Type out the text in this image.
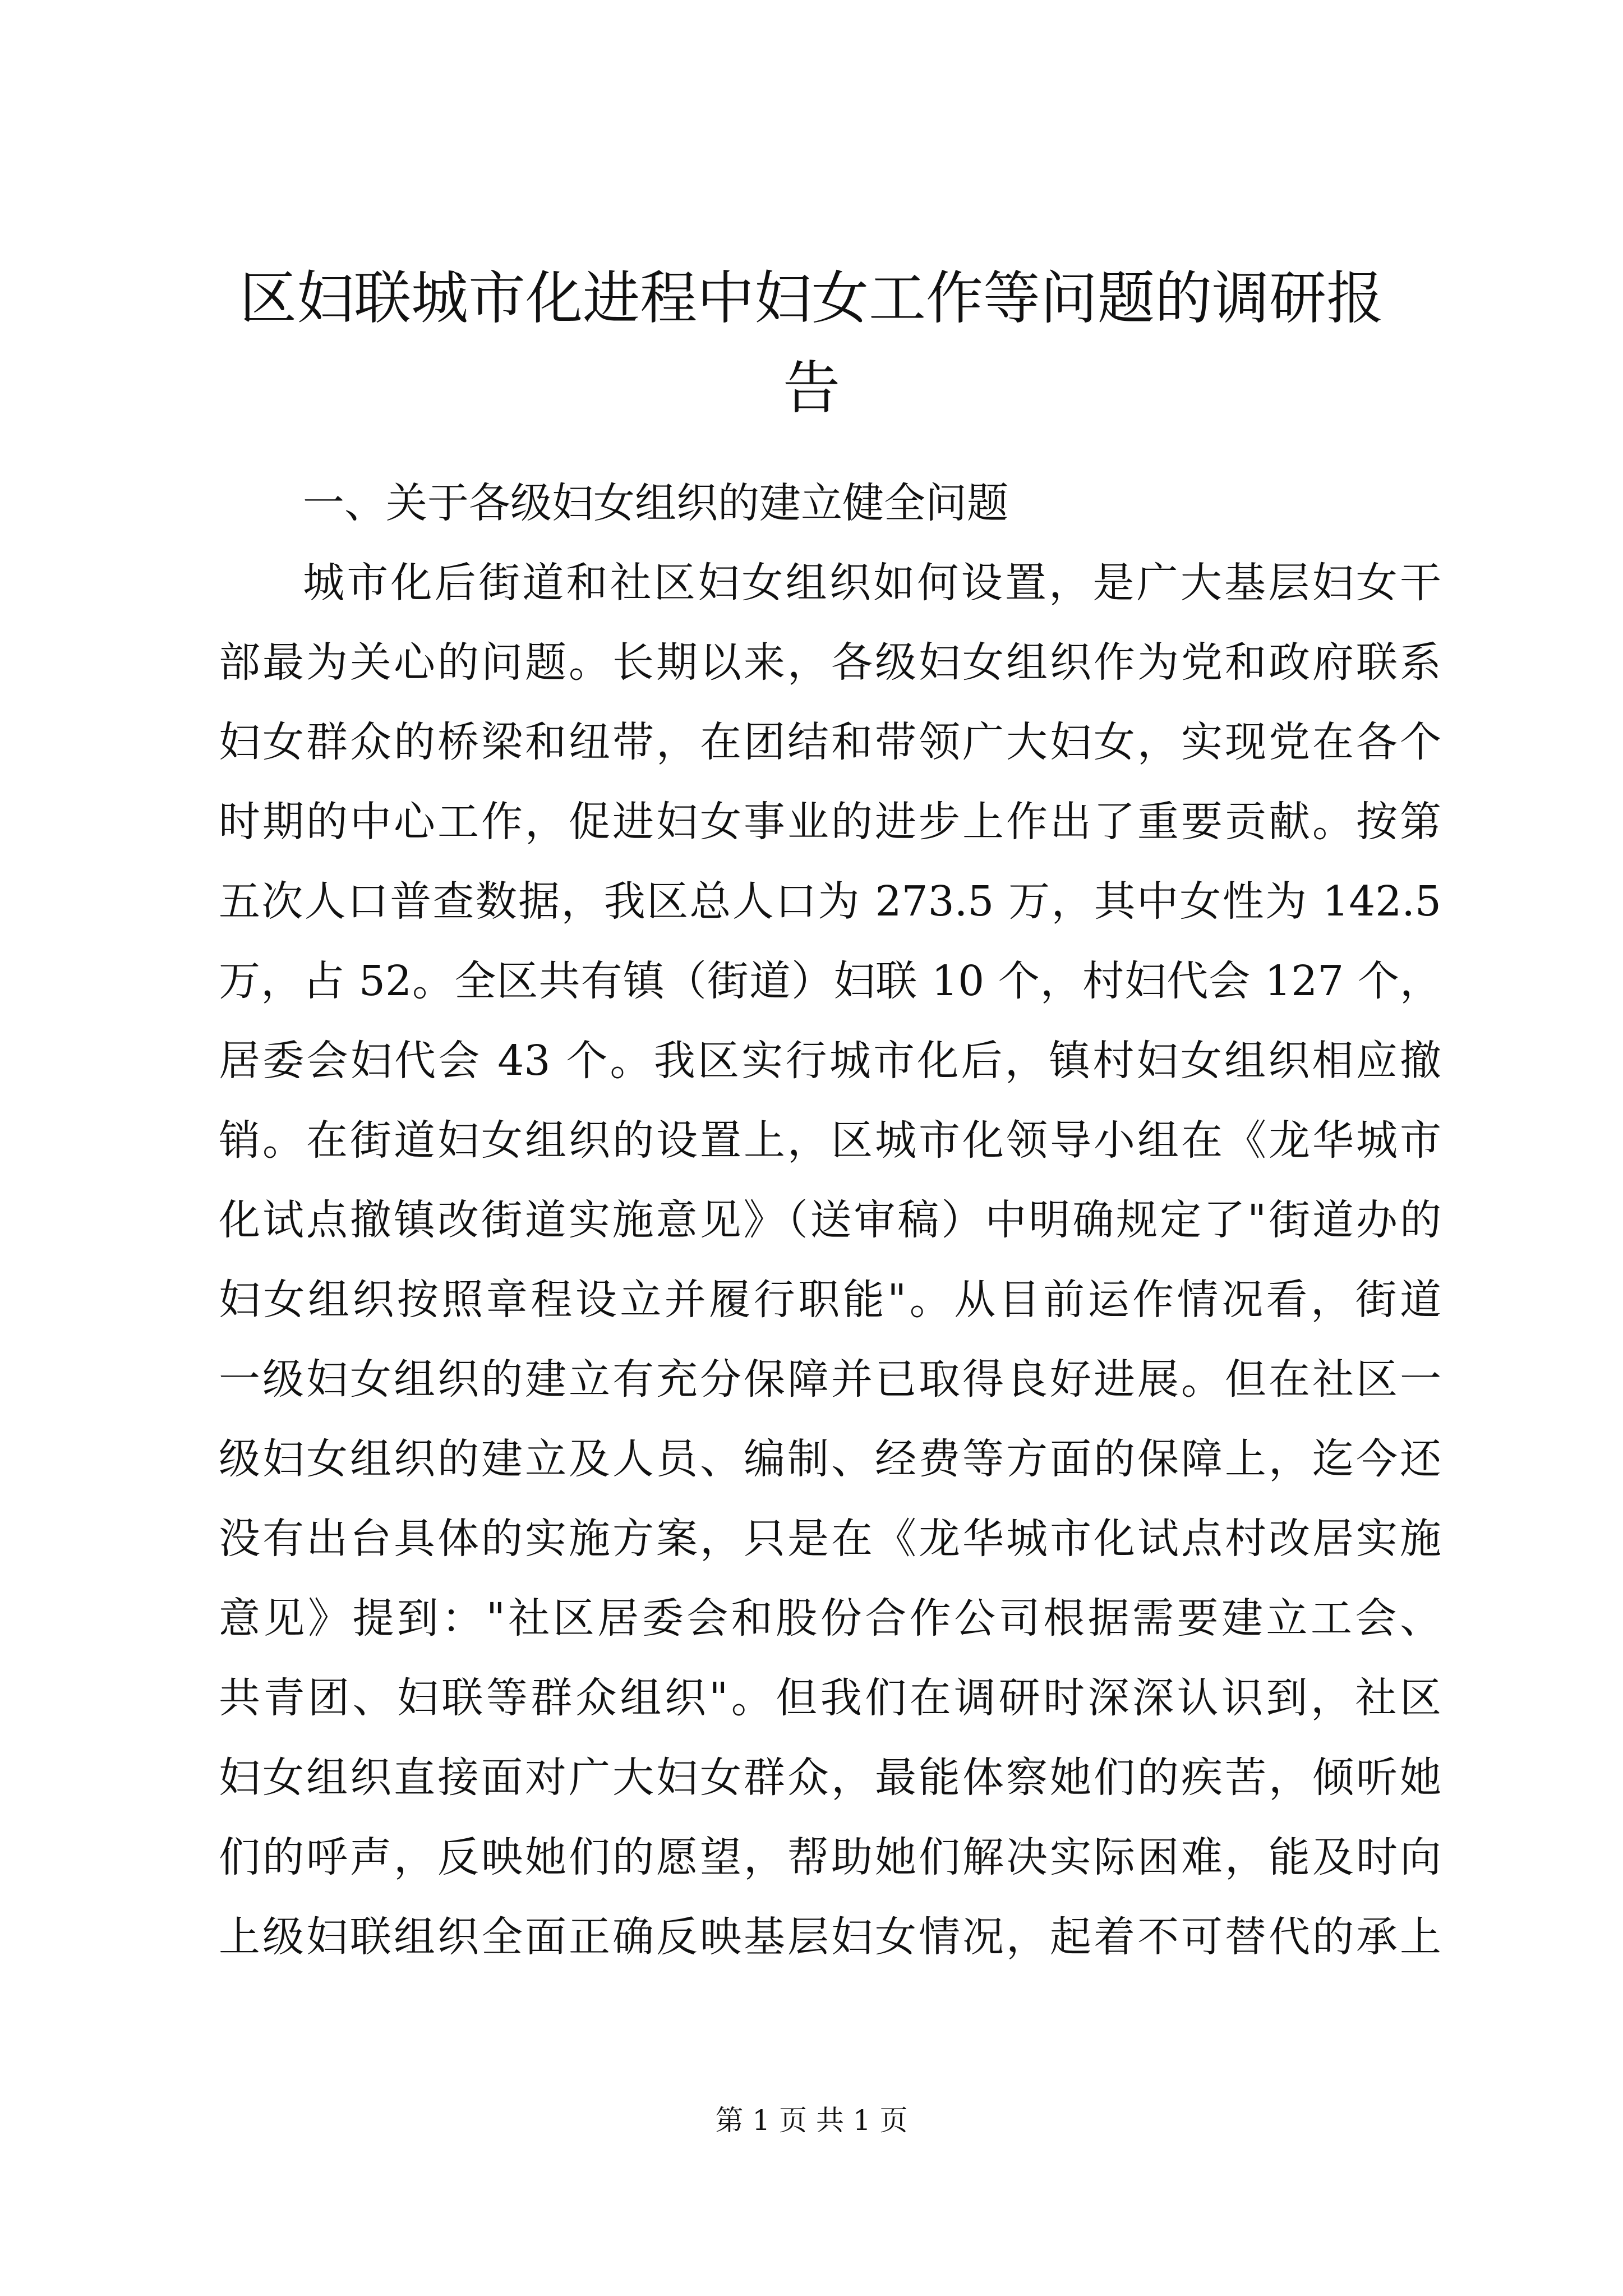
区妇联城市化进程中妇女工作等问题的调研报
告
一、关于各级妇女组织的建立健全问题
城市化后街道和社区妇女组织如何设置，是广大基层妇女干
部最为关心的问题。长期以来，各级妇女组织作为党和政府联系
妇女群众的桥梁和纽带，在团结和带领广大妇女，实现党在各个
时期的中心工作，促进妇女事业的进步上作出了重要贡献。按第
五次人口普查数据，我区总人口为 273.5 万，其中女性为 142.5
万，占 52。全区共有镇（街道）妇联 10 个，村妇代会 127 个，
居委会妇代会 43 个。我区实行城市化后，镇村妇女组织相应撤
销。在街道妇女组织的设置上，区城市化领导小组在《龙华城市
化试点撤镇改街道实施意见》（送审稿）中明确规定了"街道办的
妇女组织按照章程设立并履行职能"。从目前运作情况看，街道
一级妇女组织的建立有充分保障并已取得良好进展。但在社区一
级妇女组织的建立及人员、编制、经费等方面的保障上，迄今还
没有出台具体的实施方案，只是在《龙华城市化试点村改居实施
意见》提到："社区居委会和股份合作公司根据需要建立工会、
共青团、妇联等群众组织"。但我们在调研时深深认识到，社区
妇女组织直接面对广大妇女群众，最能体察她们的疾苦，倾听她
们的呼声，反映她们的愿望，帮助她们解决实际困难，能及时向
上级妇联组织全面正确反映基层妇女情况，起着不可替代的承上
第 1 页 共 1 页
